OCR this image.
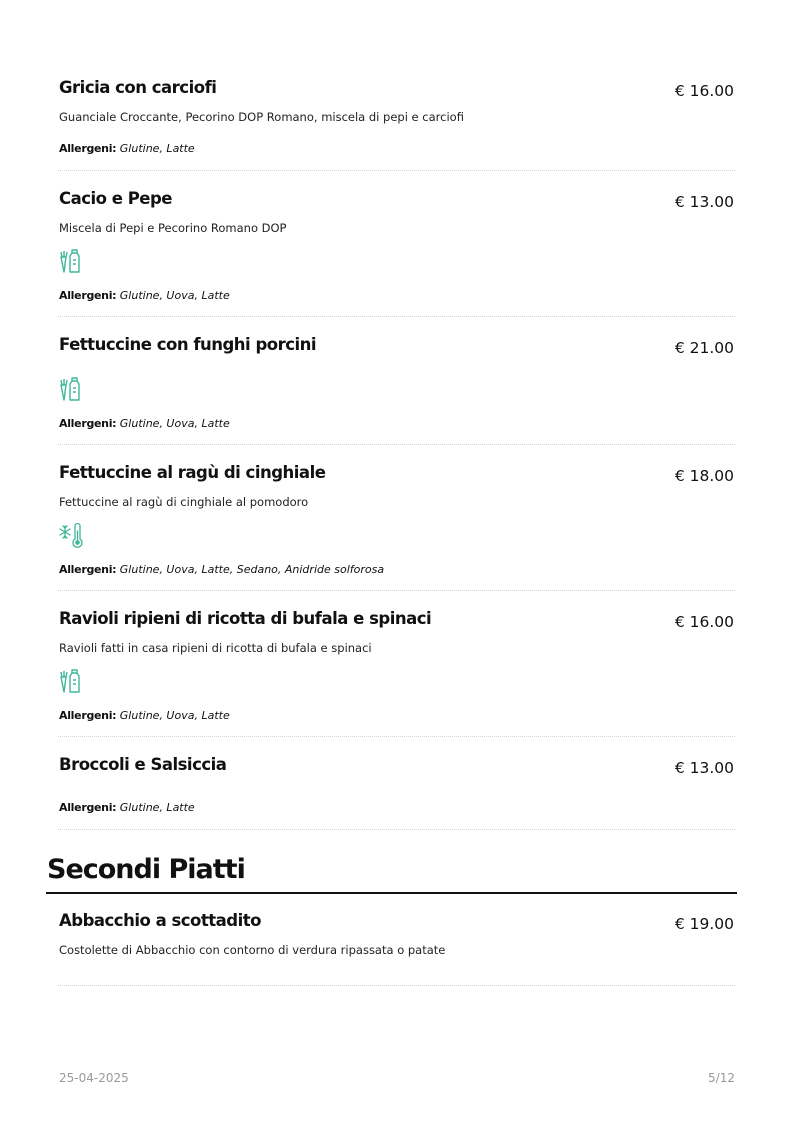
Gricia con carciofi	€ 16.00
Guanciale Croccante, Pecorino DOP Romano, miscela di pepi e carciofi
Allergeni: Glutine, Latte
Cacio e Pepe	€ 13.00
Miscela di Pepi e Pecorino Romano DOP
Allergeni: Glutine, Uova, Latte
Fettuccine con funghi porcini	€ 21.00
Allergeni: Glutine, Uova, Latte
Fettuccine al ragù di cinghiale	€ 18.00
Fettuccine al ragù di cinghiale al pomodoro
Allergeni: Glutine, Uova, Latte, Sedano, Anidride solforosa
Ravioli ripieni di ricotta di bufala e spinaci	€ 16.00
Ravioli fatti in casa ripieni di ricotta di bufala e spinaci
Allergeni: Glutine, Uova, Latte
Broccoli e Salsiccia	€ 13.00
Allergeni: Glutine, Latte
Secondi Piatti
Abbacchio a scottadito	€ 19.00
Costolette di Abbacchio con contorno di verdura ripassata o patate
25-04-2025	5/12
